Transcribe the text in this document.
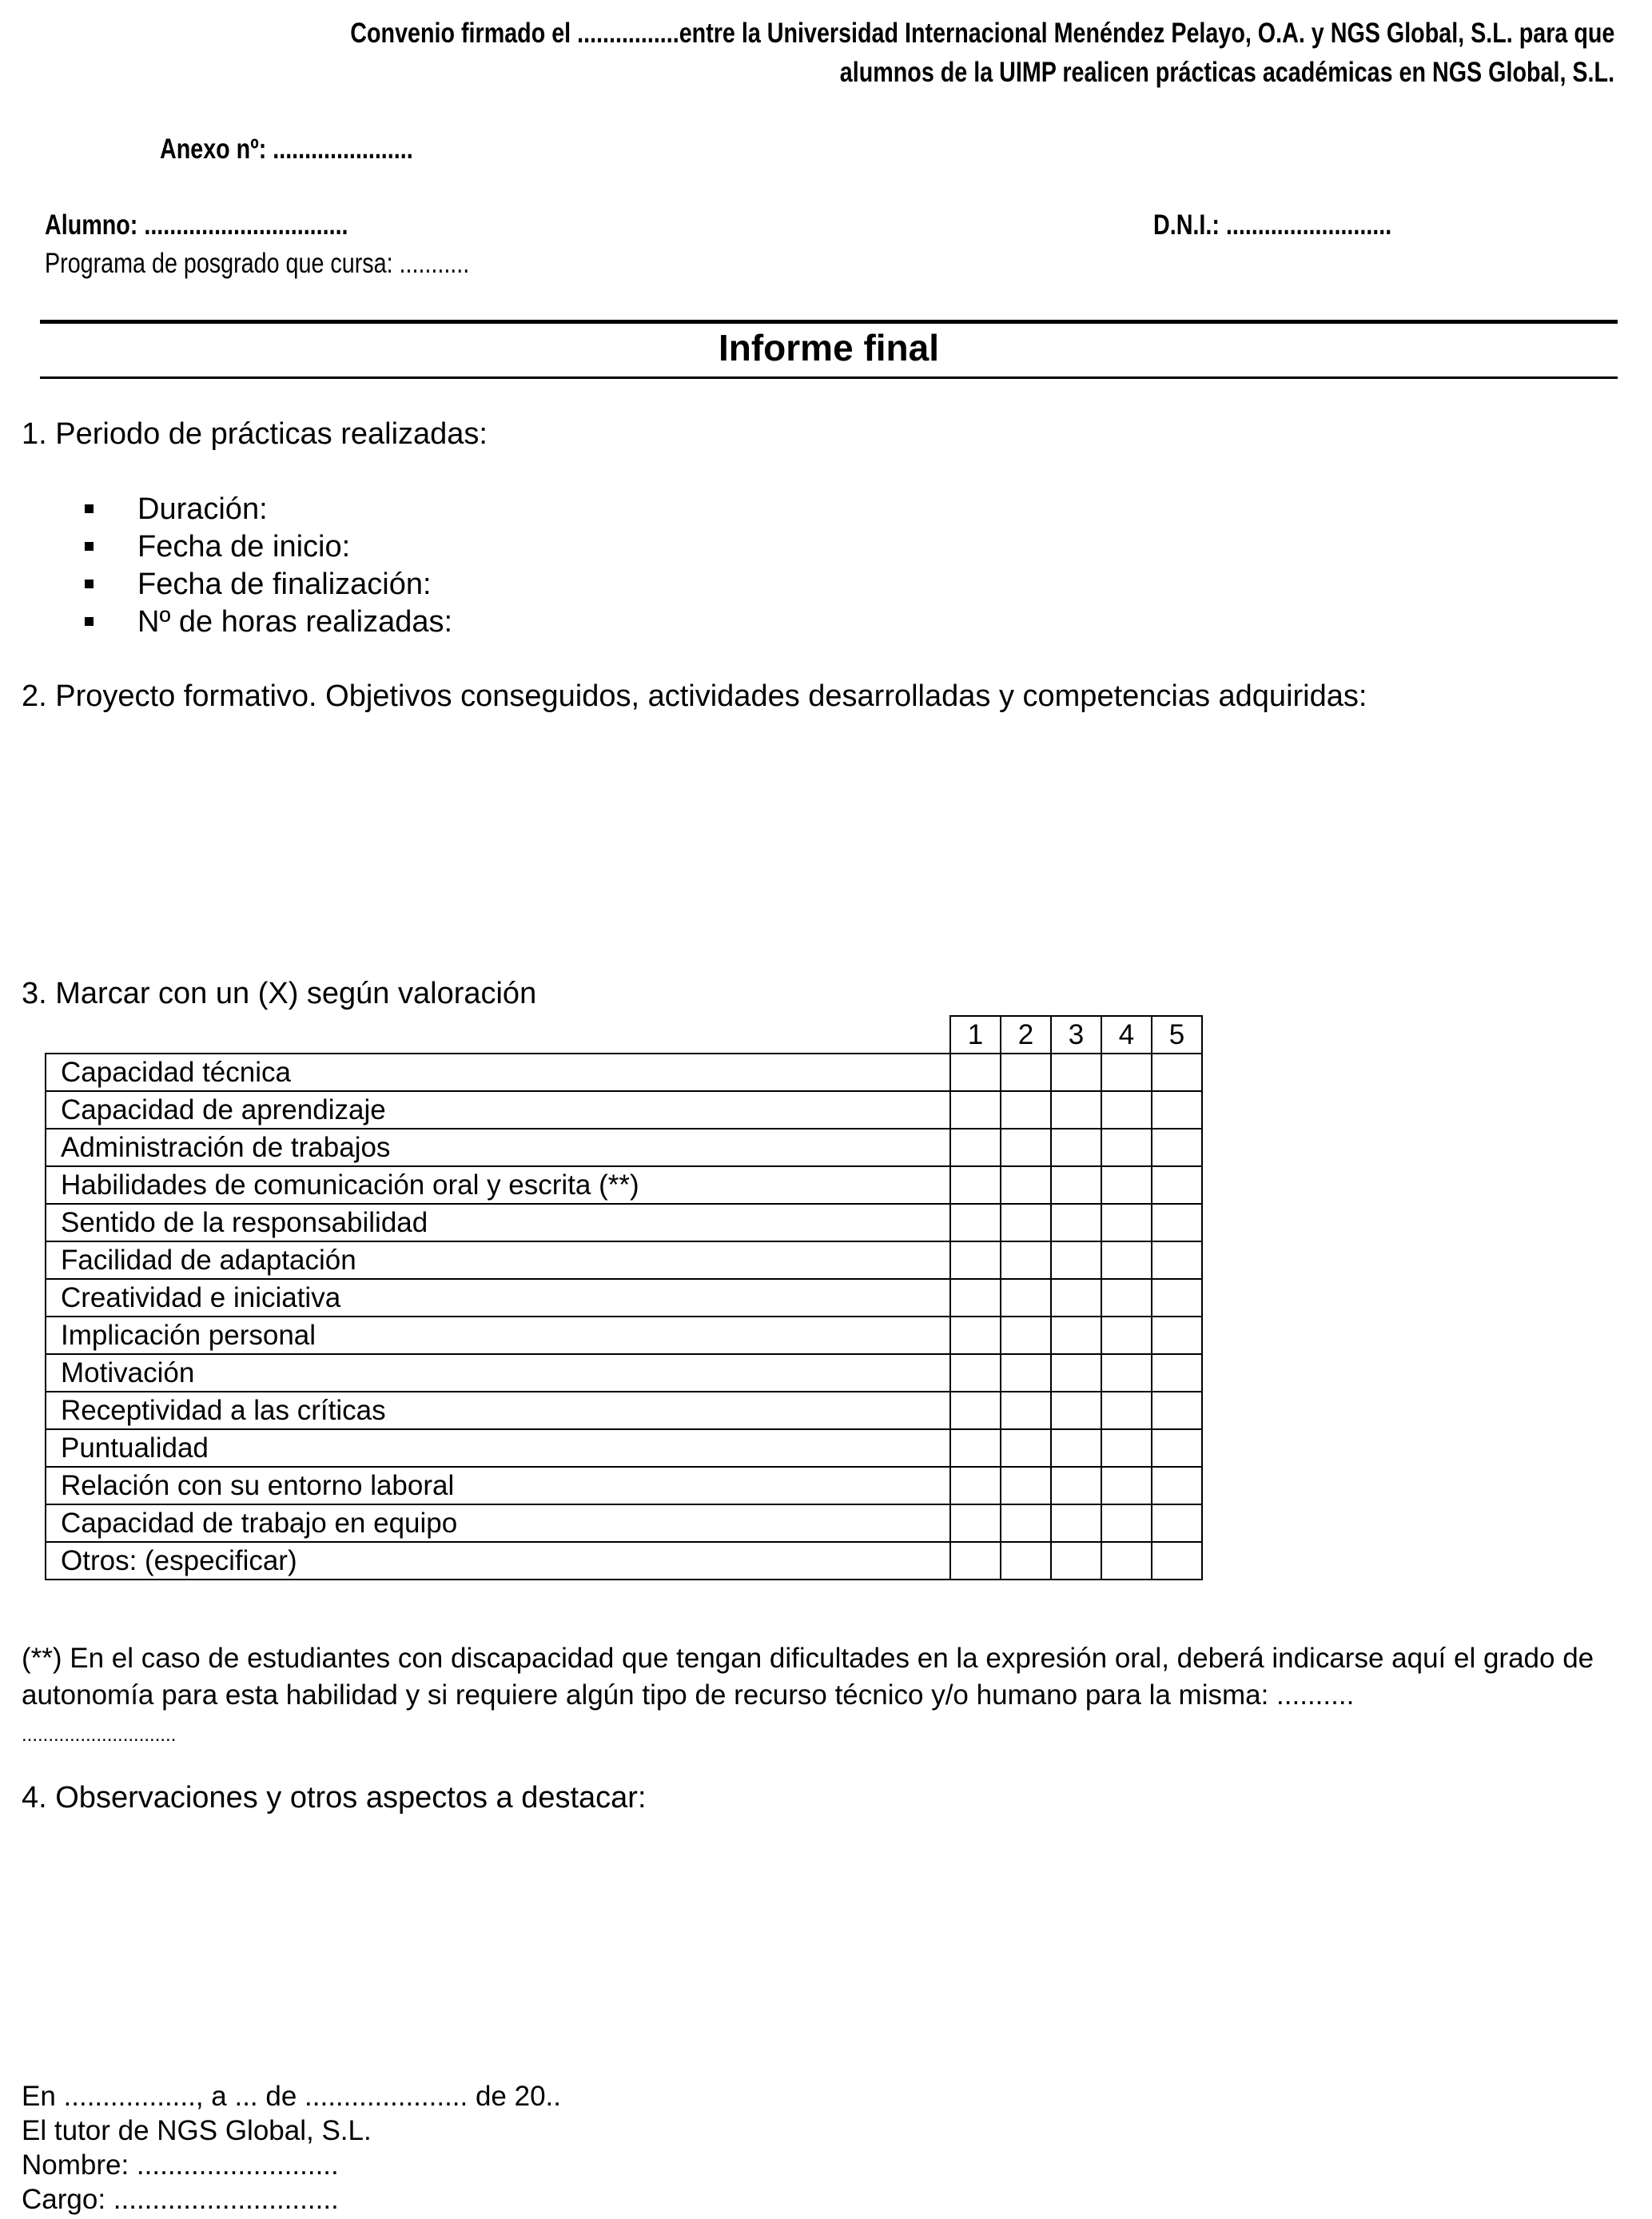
Convenio firmado el ................entre la Universidad Internacional Menéndez Pelayo, O.A. y NGS Global, S.L. para que
alumnos de la UIMP realicen prácticas académicas en NGS Global, S.L.
Anexo nº: ......................
Alumno: ................................	D.N.I.: ..........................
Programa de posgrado que cursa: ...........
Informe final
1. Periodo de prácticas realizadas:
Duración:
Fecha de inicio:
Fecha de finalización:
Nº de horas realizadas:
2. Proyecto formativo. Objetivos conseguidos, actividades desarrolladas y competencias adquiridas:
3. Marcar con un (X) según valoración
	1	2	3	4	5
Capacidad técnica					
Capacidad de aprendizaje					
Administración de trabajos					
Habilidades de comunicación oral y escrita (**)					
Sentido de la responsabilidad					
Facilidad de adaptación					
Creatividad e iniciativa					
Implicación personal					
Motivación					
Receptividad a las críticas					
Puntualidad					
Relación con su entorno laboral					
Capacidad de trabajo en equipo					
Otros: (especificar)					
(**) En el caso de estudiantes con discapacidad que tengan dificultades en la expresión oral, deberá indicarse aquí el grado de autonomía para esta habilidad y si requiere algún tipo de recurso técnico y/o humano para la misma: ..........
.............................
4. Observaciones y otros aspectos a destacar:
En ................., a ... de ..................... de 20..
El tutor de NGS Global, S.L.
Nombre: ..........................
Cargo: .............................
